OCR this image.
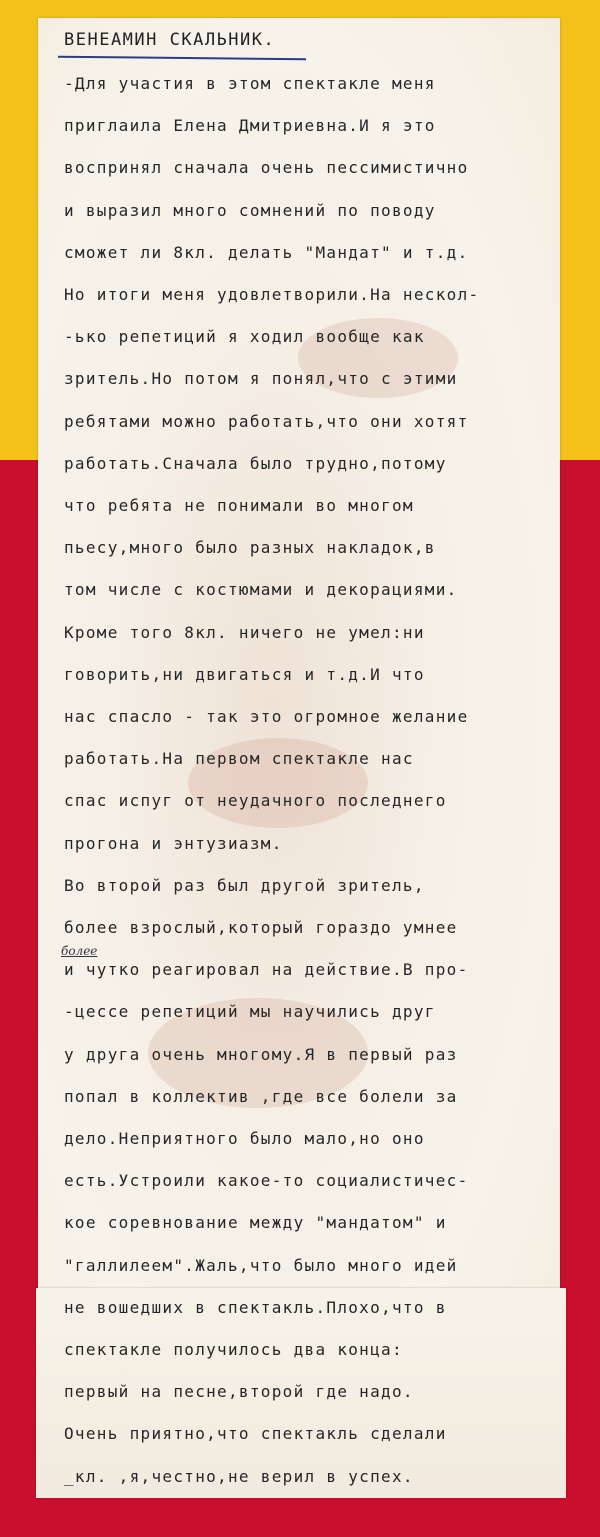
ВЕНЕАМИН СКАЛЬНИК.
более
-Для участия в этом спектакле меня
приглаила Елена Дмитриевна.И я это
воспринял сначала очень пессимистично
и выразил много сомнений по поводу
сможет ли 8кл. делать "Мандат" и т.д.
Но итоги меня удовлетворили.На нескол-
-ько репетиций я ходил вообще как
зритель.Но потом я понял,что с этими
ребятами можно работать,что они хотят
работать.Сначала было трудно,потому
что ребята не понимали во многом
пьесу,много было разных накладок,в
том числе с костюмами и декорациями.
Кроме того 8кл. ничего не умел:ни
говорить,ни двигаться и т.д.И что
нас спасло - так это огромное желание
работать.На первом спектакле нас
спас испуг от неудачного последнего
прогона и энтузиазм.
Во второй раз был другой зритель,
более взрослый,который гораздо умнее
и чутко реагировал на действие.В про-
-цессе репетиций мы научились друг
у друга очень многому.Я в первый раз
попал в коллектив ,где все болели за
дело.Неприятного было мало,но оно
есть.Устроили какое-то социалистичес-
кое соревнование между "мандатом" и
"галлилеем".Жаль,что было много идей
не вошедших в спектакль.Плохо,что в
спектакле получилось два конца:
первый на песне,второй где надо.
Очень приятно,что спектакль сделали
_кл. ,я,честно,не верил в успех.
